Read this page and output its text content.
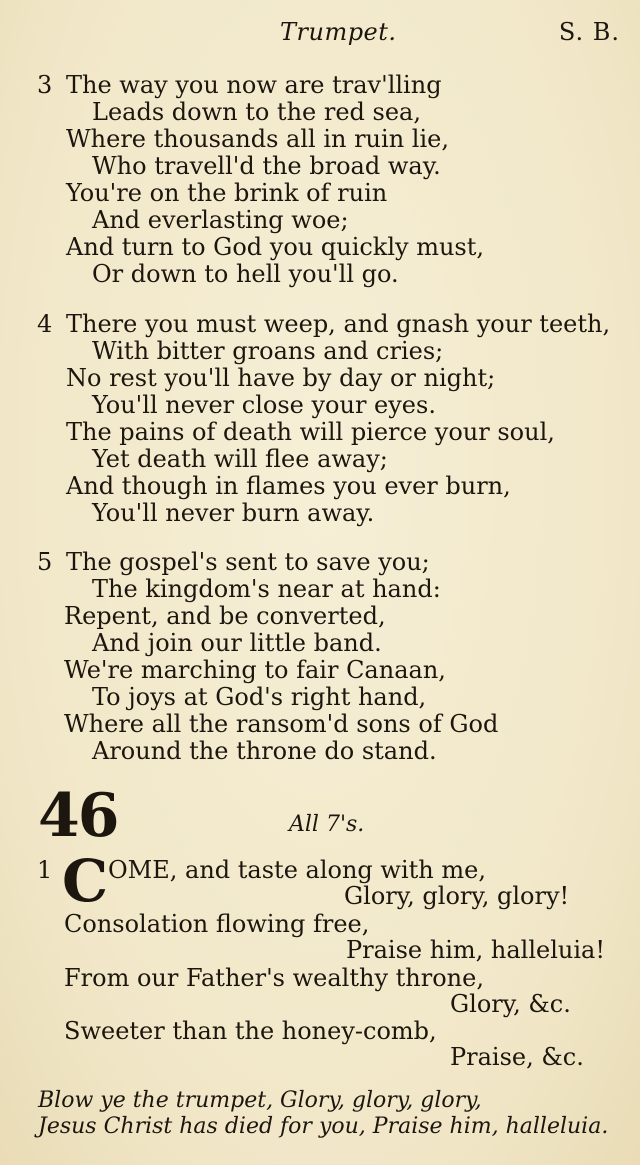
Trumpet.	S. B.
3 The way you now are trav'lling
Leads down to the red sea,
Where thousands all in ruin lie,
Who travell'd the broad way.
You're on the brink of ruin
And everlasting woe;
And turn to God you quickly must,
Or down to hell you'll go.
4 There you must weep, and gnash your teeth,
With bitter groans and cries;
No rest you'll have by day or night;
You'll never close your eyes.
The pains of death will pierce your soul,
Yet death will flee away;
And though in flames you ever burn,
You'll never burn away.
5 The gospel's sent to save you;
The kingdom's near at hand:
Repent, and be converted,
And join our little band.
We're marching to fair Canaan,
To joys at God's right hand,
Where all the ransom'd sons of God
Around the throne do stand.
46	All 7's.
1 C OME, and taste along with me,
Glory, glory, glory!
Consolation flowing free,
Praise him, halleluia!
From our Father's wealthy throne,
Glory, &c.
Sweeter than the honey-comb,
Praise, &c.
Blow ye the trumpet, Glory, glory, glory,
Jesus Christ has died for you, Praise him, halleluia.
